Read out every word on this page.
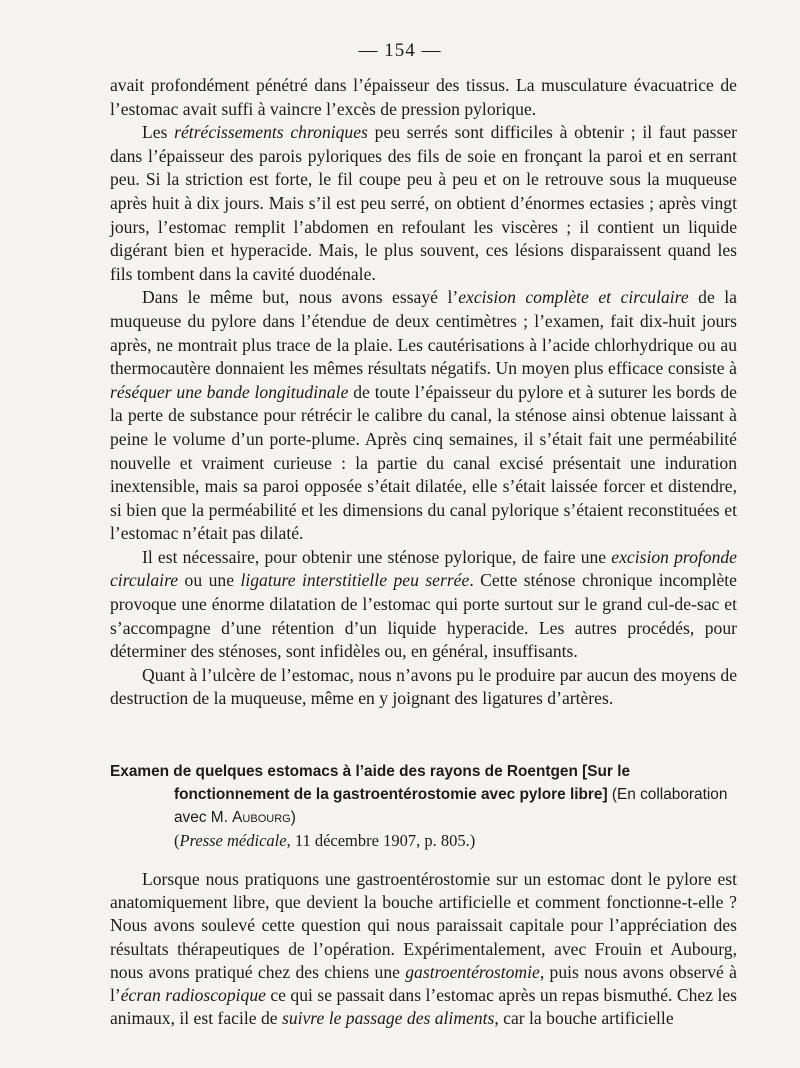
— 154 —

avait profondément pénétré dans l’épaisseur des tissus. La musculature évacuatrice de l’estomac avait suffi à vaincre l’excès de pression pylorique.

Les rétrécissements chroniques peu serrés sont difficiles à obtenir ; il faut passer dans l’épaisseur des parois pyloriques des fils de soie en fronçant la paroi et en serrant peu. Si la striction est forte, le fil coupe peu à peu et on le retrouve sous la muqueuse après huit à dix jours. Mais s’il est peu serré, on obtient d’énormes ectasies ; après vingt jours, l’estomac remplit l’abdomen en refoulant les viscères ; il contient un liquide digérant bien et hyperacide. Mais, le plus souvent, ces lésions disparaissent quand les fils tombent dans la cavité duodénale.

Dans le même but, nous avons essayé l’excision complète et circulaire de la muqueuse du pylore dans l’étendue de deux centimètres ; l’examen, fait dix-huit jours après, ne montrait plus trace de la plaie. Les cautérisations à l’acide chlorhydrique ou au thermocautère donnaient les mêmes résultats négatifs. Un moyen plus efficace consiste à réséquer une bande longitudinale de toute l’épaisseur du pylore et à suturer les bords de la perte de substance pour rétrécir le calibre du canal, la sténose ainsi obtenue laissant à peine le volume d’un porte-plume. Après cinq semaines, il s’était fait une perméabilité nouvelle et vraiment curieuse : la partie du canal excisé présentait une induration inextensible, mais sa paroi opposée s’était dilatée, elle s’était laissée forcer et distendre, si bien que la perméabilité et les dimensions du canal pylorique s’étaient reconstituées et l’estomac n’était pas dilaté.

Il est nécessaire, pour obtenir une sténose pylorique, de faire une excision profonde circulaire ou une ligature interstitielle peu serrée. Cette sténose chronique incomplète provoque une énorme dilatation de l’estomac qui porte surtout sur le grand cul-de-sac et s’accompagne d’une rétention d’un liquide hyperacide. Les autres procédés, pour déterminer des sténoses, sont infidèles ou, en général, insuffisants.

Quant à l’ulcère de l’estomac, nous n’avons pu le produire par aucun des moyens de destruction de la muqueuse, même en y joignant des ligatures d’artères.

Examen de quelques estomacs à l’aide des rayons de Roentgen [Sur le fonctionnement de la gastroentérostomie avec pylore libre] (En collaboration avec M. Aubourg)
(Presse médicale, 11 décembre 1907, p. 805.)

Lorsque nous pratiquons une gastroentérostomie sur un estomac dont le pylore est anatomiquement libre, que devient la bouche artificielle et comment fonctionne-t-elle ? Nous avons soulevé cette question qui nous paraissait capitale pour l’appréciation des résultats thérapeutiques de l’opération. Expérimentalement, avec Frouin et Aubourg, nous avons pratiqué chez des chiens une gastroentérostomie, puis nous avons observé à l’écran radioscopique ce qui se passait dans l’estomac après un repas bismuthé. Chez les animaux, il est facile de suivre le passage des aliments, car la bouche artificielle
